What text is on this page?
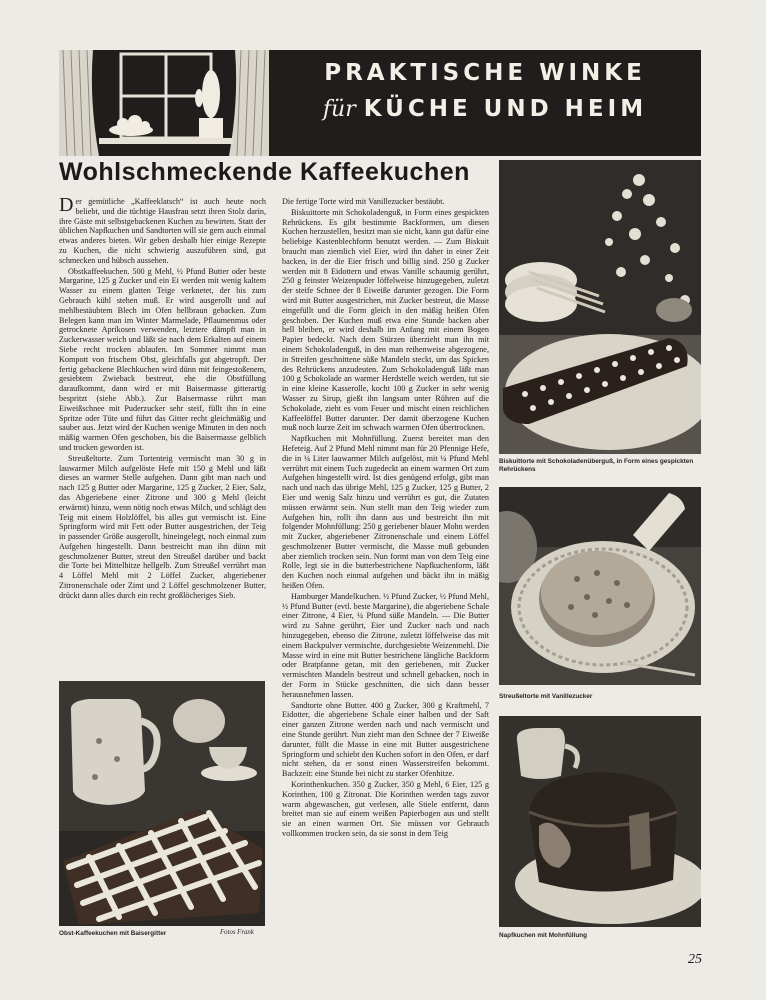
PRAKTISCHE WINKE
für KÜCHE UND HEIM
Wohlschmeckende Kaffeekuchen

Der gemütliche „Kaffeeklatsch“ ist auch heute noch beliebt, und die tüchtige Hausfrau setzt ihren Stolz darin, ihre Gäste mit selbstgebackenen Kuchen zu bewirten. Statt der üblichen Napfkuchen und Sandtorten will sie gern auch einmal etwas anderes bieten. Wir geben deshalb hier einige Rezepte zu Kuchen, die nicht schwierig auszuführen sind, gut schmecken und hübsch aussehen.

Obstkaffeekuchen. 500 g Mehl, ½ Pfund Butter oder beste Margarine, 125 g Zucker und ein Ei werden mit wenig kaltem Wasser zu einem glatten Teige verknetet, der bis zum Gebrauch kühl stehen muß. Er wird ausgerollt und auf mehlbestäubtem Blech im Ofen hellbraun gebacken. Zum Belegen kann man im Winter Marmelade, Pflaumenmus oder getrocknete Aprikosen verwenden, letztere dämpft man in Zuckerwasser weich und läßt sie nach dem Erkalten auf einem Siebe recht trocken ablaufen. Im Sommer nimmt man Kompott von frischem Obst, gleichfalls gut abgetropft. Der fertig gebackene Blechkuchen wird dünn mit feingestoßenem, gesiebtem Zwieback bestreut, ehe die Obstfüllung daraufkommt, dann wird er mit Baisermasse gitterartig bespritzt (siehe Abb.). Zur Baisermasse rührt man Eiweißschnee mit Puderzucker sehr steif, füllt ihn in eine Spritze oder Tüte und führt das Gitter recht gleichmäßig und sauber aus. Jetzt wird der Kuchen wenige Minuten in den noch mäßig warmen Ofen geschoben, bis die Baisermasse gelblich und trocken geworden ist.

Streußeltorte. Zum Tortenteig vermischt man 30 g in lauwarmer Milch aufgelöste Hefe mit 150 g Mehl und läßt dieses an warmer Stelle aufgehen. Dann gibt man nach und nach 125 g Butter oder Margarine, 125 g Zucker, 2 Eier, Salz, das Abgeriebene einer Zitrone und 300 g Mehl (leicht erwärmt) hinzu, wenn nötig noch etwas Milch, und schlägt den Teig mit einem Holzlöffel, bis alles gut vermischt ist. Eine Springform wird mit Fett oder Butter ausgestrichen, der Teig in passender Größe ausgerollt, hineingelegt, noch einmal zum Aufgehen hingestellt. Dann bestreicht man ihn dünn mit geschmolzener Butter, streut den Streußel darüber und backt die Torte bei Mittelhitze hellgelb. Zum Streußel verrührt man 4 Löffel Mehl mit 2 Löffel Zucker, abgeriebener Zitronenschale oder Zimt und 2 Löffel geschmolzener Butter, drückt dann alles durch ein recht großlöcheriges Sieb.

Die fertige Torte wird mit Vanillezucker bestäubt.

Biskuittorte mit Schokoladenguß, in Form eines gespickten Rehrückens. Es gibt bestimmte Backformen, um diesen Kuchen herzustellen, besitzt man sie nicht, kann gut dafür eine beliebige Kastenblechform benutzt werden. — Zum Biskuit braucht man ziemlich viel Eier, wird ihn daher in einer Zeit backen, in der die Eier frisch und billig sind. 250 g Zucker werden mit 8 Eidottern und etwas Vanille schaumig gerührt, 250 g feinster Weizenpuder löffelweise hinzugegeben, zuletzt der steife Schnee der 8 Eiweiße darunter gezogen. Die Form wird mit Butter ausgestrichen, mit Zucker bestreut, die Masse eingefüllt und die Form gleich in den mäßig heißen Ofen geschoben. Der Kuchen muß etwa eine Stunde backen aber hell bleiben, er wird deshalb im Anfang mit einem Bogen Papier bedeckt. Nach dem Stürzen überzieht man ihn mit einem Schokoladenguß, in den man reihenweise abgezogene, in Streifen geschnittene süße Mandeln steckt, um das Spicken des Rehrückens anzudeuten. Zum Schokoladenguß läßt man 100 g Schokolade an warmer Herdstelle weich werden, tut sie in eine kleine Kasserolle, kocht 100 g Zucker in sehr wenig Wasser zu Sirup, gießt ihn langsam unter Rühren auf die Schokolade, zieht es vom Feuer und mischt einen reichlichen Kaffeelöffel Butter darunter. Der damit überzogene Kuchen muß noch kurze Zeit im schwach warmen Ofen übertrocknen.

Napfkuchen mit Mohnfüllung. Zuerst bereitet man den Hefeteig. Auf 2 Pfund Mehl nimmt man für 20 Pfennige Hefe, die in ¼ Liter lauwarmer Milch aufgelöst, mit ¼ Pfund Mehl verrührt mit einem Tuch zugedeckt an einem warmen Ort zum Aufgehen hingestellt wird. Ist dies genügend erfolgt, gibt man nach und nach das übrige Mehl, 125 g Zucker, 125 g Butter, 2 Eier und wenig Salz hinzu und verrührt es gut, die Zutaten müssen erwärmt sein. Nun stellt man den Teig wieder zum Aufgehen hin, rollt ihn dann aus und bestreicht ihn mit folgender Mohnfüllung: 250 g geriebener blauer Mohn werden mit Zucker, abgeriebener Zitronenschale und einem Löffel geschmolzener Butter vermischt, die Masse muß gebunden aber ziemlich trocken sein. Nun formt man von dem Teig eine Rolle, legt sie in die butterbestrichene Napfkuchenform, läßt den Kuchen noch einmal aufgehen und bäckt ihn in mäßig heißen Ofen.

Hamburger Mandelkuchen. ½ Pfund Zucker, ½ Pfund Mehl, ½ Pfund Butter (evtl. beste Margarine), die abgeriebene Schale einer Zitrone, 4 Eier, ¼ Pfund süße Mandeln. — Die Butter wird zu Sahne gerührt, Eier und Zucker nach und nach hinzugegeben, ebenso die Zitrone, zuletzt löffelweise das mit einem Backpulver vermischte, durchgesiebte Weizenmehl. Die Masse wird in eine mit Butter bestrichene längliche Backform oder Bratpfanne getan, mit den geriebenen, mit Zucker vermischten Mandeln bestreut und schnell gebacken, noch in der Form in Stücke geschnitten, die sich dann besser herausnehmen lassen.

Sandtorte ohne Butter. 400 g Zucker, 300 g Kraftmehl, 7 Eidotter, die abgeriebene Schale einer halben und der Saft einer ganzen Zitrone werden nach und nach vermischt und eine Stunde gerührt. Nun zieht man den Schnee der 7 Eiweiße darunter, füllt die Masse in eine mit Butter ausgestrichene Springform und schiebt den Kuchen sofort in den Ofen, er darf nicht stehen, da er sonst einen Wasserstreifen bekommt. Backzeit: eine Stunde bei nicht zu starker Ofenhitze.

Korinthenkuchen. 350 g Zucker, 350 g Mehl, 6 Eier, 125 g Korinthen, 100 g Zitronat. Die Korinthen werden tags zuvor warm abgewaschen, gut verlesen, alle Stiele entfernt, dann breitet man sie auf einem weißen Papierbogen aus und stellt sie an einen warmen Ort. Sie müssen vor Gebrauch vollkommen trocken sein, da sie sonst in dem Teig

Obst-Kaffeekuchen mit Baisergitter	Fotos Frank
Biskuittorte mit Schokoladenüberguß, in Form eines gespickten Rehrückens
Streußeltorte mit Vanillezucker
Napfkuchen mit Mohnfüllung
25
